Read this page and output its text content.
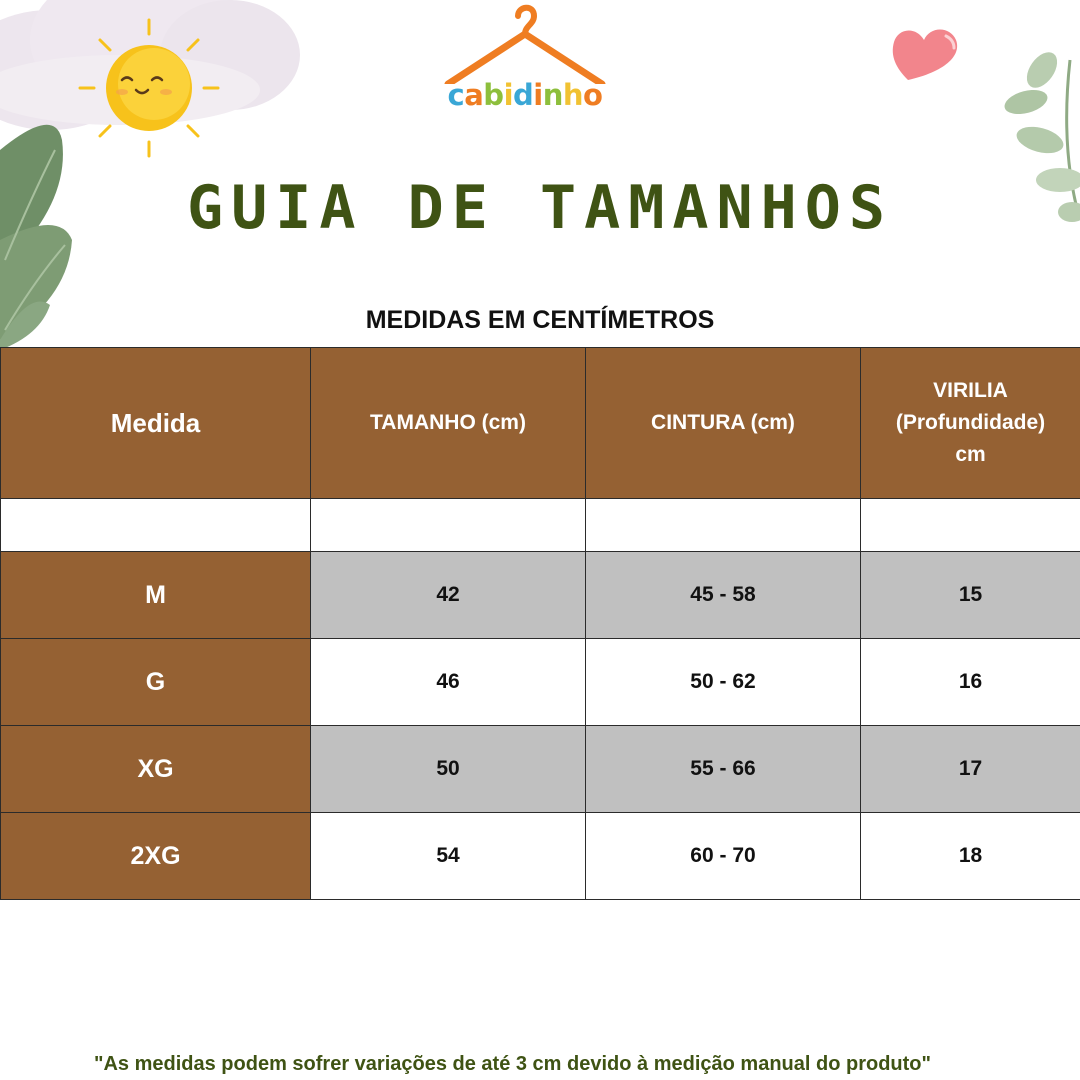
cabidinho
GUIA DE TAMANHOS
MEDIDAS EM CENTÍMETROS
Medida	TAMANHO (cm)	CINTURA (cm)	VIRILIA
(Profundidade)
cm

M	42	45 - 58	15
G	46	50 - 62	16
XG	50	55 - 66	17
2XG	54	60 - 70	18
"As medidas podem sofrer variações de até 3 cm devido à medição manual do produto"
